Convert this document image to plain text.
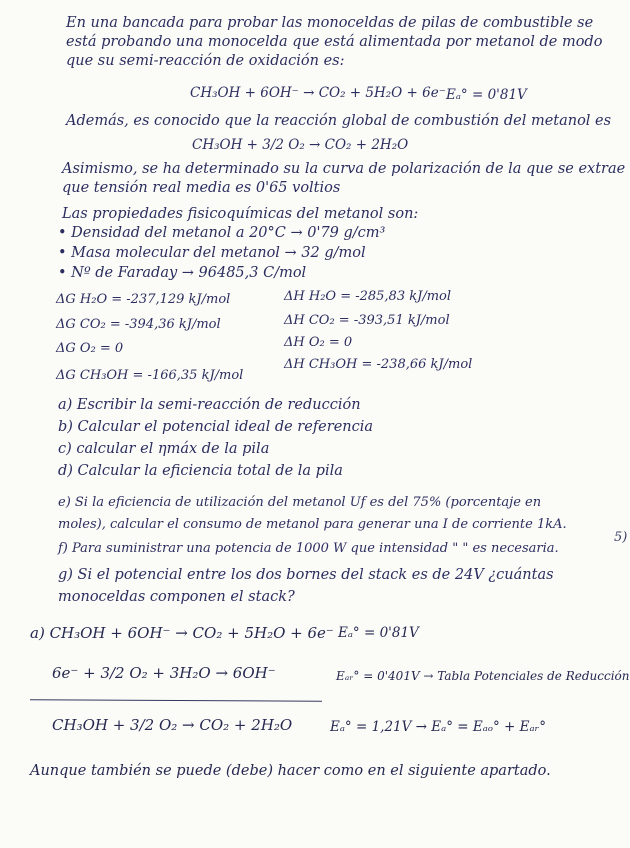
En una bancada para probar las monoceldas de pilas de combustible se
está probando una monocelda que está alimentada por metanol de modo
que su semi-reacción de oxidación es:
CH₃OH + 6OH⁻ → CO₂ + 5H₂O + 6e⁻ Eₐ° = 0'81V
Además, es conocido que la reacción global de combustión del metanol es
CH₃OH + 3/2 O₂ → CO₂ + 2H₂O
Asimismo, se ha determinado su la curva de polarización de la que se extrae
que tensión real media es 0'65 voltios
Las propiedades fisicoquímicas del metanol son:
• Densidad del metanol a 20°C → 0'79 g/cm³
• Masa molecular del metanol → 32 g/mol
• Nº de Faraday → 96485,3 C/mol
ΔG H₂O = -237,129 kJ/mol
ΔG CO₂ = -394,36 kJ/mol
ΔG O₂ = 0
ΔG CH₃OH = -166,35 kJ/mol
ΔH H₂O = -285,83 kJ/mol
ΔH CO₂ = -393,51 kJ/mol
ΔH O₂ = 0
ΔH CH₃OH = -238,66 kJ/mol
a) Escribir la semi-reacción de reducción
b) Calcular el potencial ideal de referencia
c) calcular el ηmáx de la pila
d) Calcular la eficiencia total de la pila
e) Si la eficiencia de utilización del metanol Uf es del 75% (porcentaje en
moles), calcular el consumo de metanol para generar una I de corriente 1kA.
f) Para suministrar una potencia de 1000 W que intensidad " " es necesaria.
g) Si el potencial entre los dos bornes del stack es de 24V ¿cuántas
monoceldas componen el stack?
5)
a) CH₃OH + 6OH⁻ → CO₂ + 5H₂O + 6e⁻ Eₐ° = 0'81V
6e⁻ + 3/2 O₂ + 3H₂O → 6OH⁻	Eₐᵣ° = 0'401V → Tabla Potenciales de Reducción
CH₃OH + 3/2 O₂ → CO₂ + 2H₂O	Eₐ° = 1,21V → Eₐ° = Eₐₒ° + Eₐᵣ°
Aunque también se puede (debe) hacer como en el siguiente apartado.
